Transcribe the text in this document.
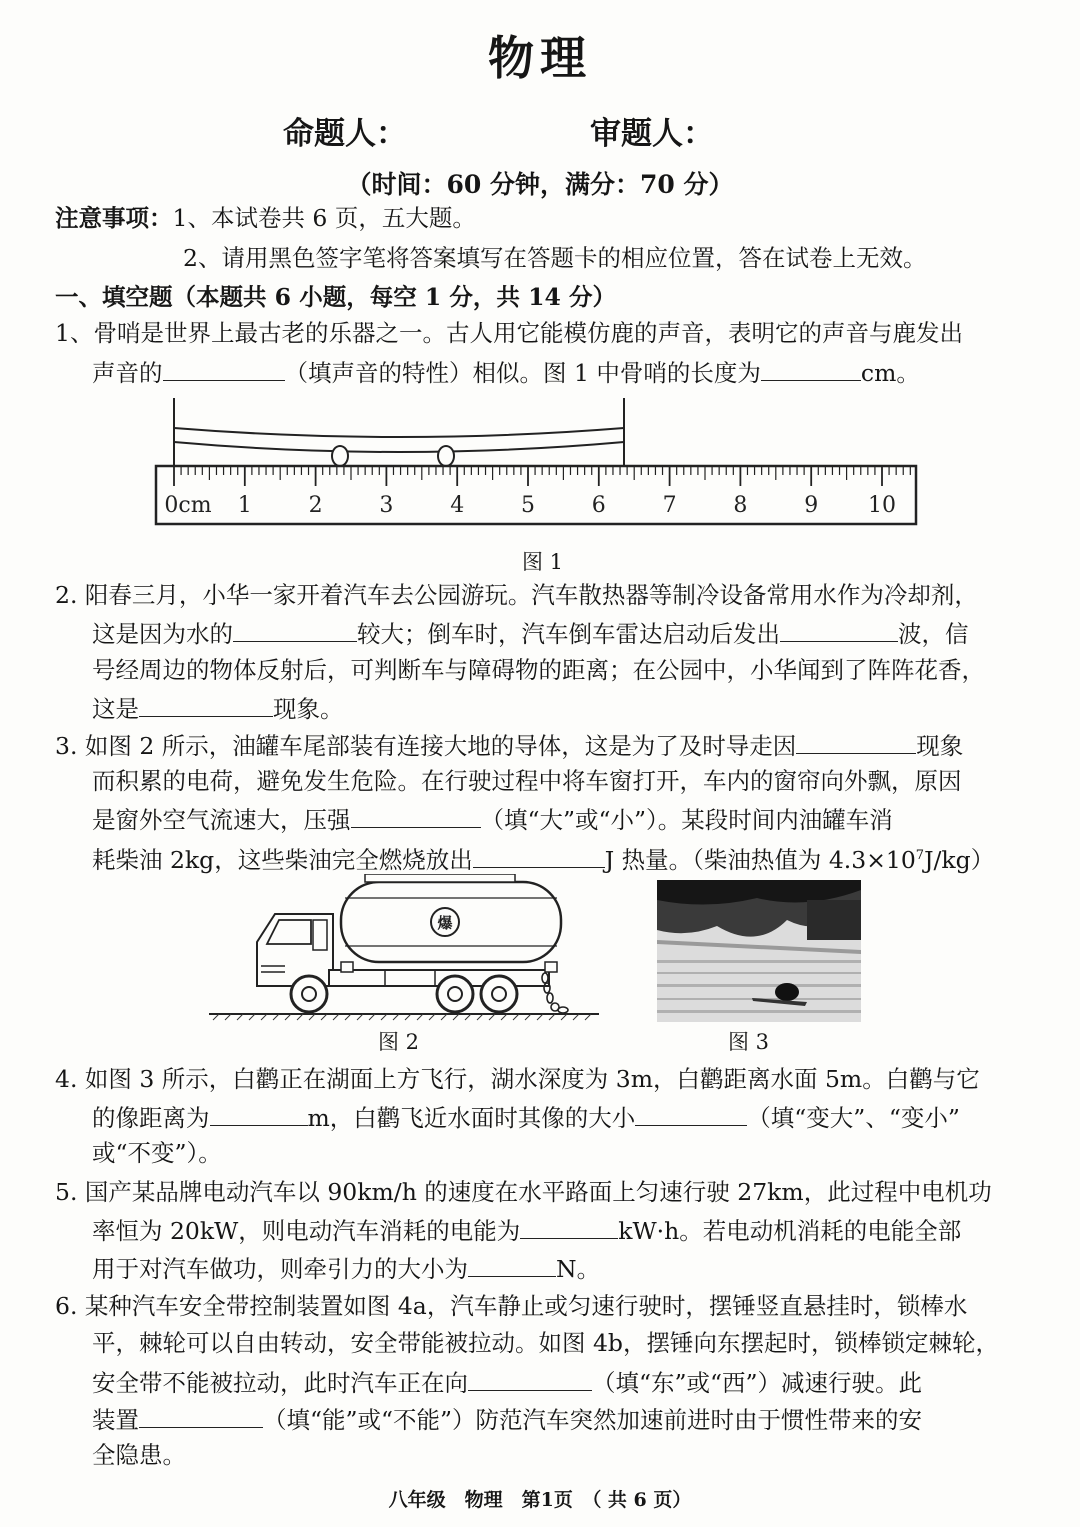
物理
命题人：	审题人：
（时间：60 分钟，满分：70 分）
注意事项：1、本试卷共 6 页，五大题。
2、请用黑色签字笔将答案填写在答题卡的相应位置，答在试卷上无效。
一、填空题（本题共 6 小题，每空 1 分，共 14 分）
1、骨哨是世界上最古老的乐器之一。古人用它能模仿鹿的声音，表明它的声音与鹿发出
声音的	（填声音的特性）相似。图 1 中骨哨的长度为	cm。
0cm 1	2	3	4	5	6	7	8	9 10
图 1
2. 阳春三月，小华一家开着汽车去公园游玩。汽车散热器等制冷设备常用水作为冷却剂，
这是因为水的	较大；倒车时，汽车倒车雷达启动后发出	波，信
号经周边的物体反射后，可判断车与障碍物的距离；在公园中，小华闻到了阵阵花香，
这是	现象。
3. 如图 2 所示，油罐车尾部装有连接大地的导体，这是为了及时导走因	现象
而积累的电荷，避免发生危险。在行驶过程中将车窗打开，车内的窗帘向外飘，原因
是窗外空气流速大，压强	（填“大”或“小”）。某段时间内油罐车消
耗柴油 2kg，这些柴油完全燃烧放出	J 热量。（柴油热值为 $4.3\times 10^7J/kg$）
爆
图 2	图 3
4. 如图 3 所示，白鹳正在湖面上方飞行，湖水深度为 3m，白鹳距离水面 5m。白鹳与它
的像距离为	m，白鹳飞近水面时其像的大小	（填“变大”、“变小”
或“不变”）。
5. 国产某品牌电动汽车以 90km/h 的速度在水平路面上匀速行驶 27km，此过程中电机功
率恒为 20kW，则电动汽车消耗的电能为	kW·h。若电动机消耗的电能全部
用于对汽车做功，则牵引力的大小为	N。
6. 某种汽车安全带控制装置如图 4a，汽车静止或匀速行驶时，摆锤竖直悬挂时，锁棒水
平，棘轮可以自由转动，安全带能被拉动。如图 4b，摆锤向东摆起时，锁棒锁定棘轮，
安全带不能被拉动，此时汽车正在向	（填“东”或“西”）减速行驶。此
装置	（填“能”或“不能”）防范汽车突然加速前进时由于惯性带来的安
全隐患。
八年级　物理　第1页　（ 共 6 页）
